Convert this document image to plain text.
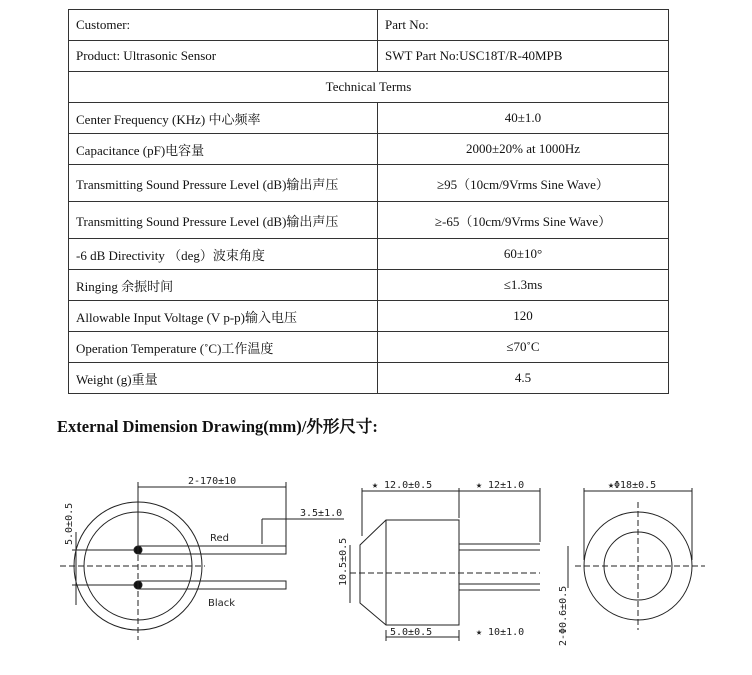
Customer:	Part No:
Product: Ultrasonic Sensor	SWT Part No:USC18T/R-40MPB
Technical Terms	
Center Frequency (KHz) 中心频率	40±1.0
Capacitance (pF)电容量	2000±20% at 1000Hz
Transmitting Sound Pressure Level (dB)输出声压	≥95（10cm/9Vrms Sine Wave）
Transmitting Sound Pressure Level (dB)输出声压	≥-65（10cm/9Vrms Sine Wave）
-6 dB Directivity （deg）波束角度	60±10°
Ringing 余振时间	≤1.3ms
Allowable Input Voltage (V p-p)输入电压	120
Operation Temperature (˚C)工作温度	≤70˚C
Weight (g)重量	4.5
External Dimension Drawing(mm)/外形尺寸:
2-170±10
3.5±1.0
5.0±0.5	Red
Black
★ 12.0±0.5	★ 12±1.0
10.5±0.5
5.0±0.5	★ 10±1.0
★Φ18±0.5
2-Φ0.6±0.5
